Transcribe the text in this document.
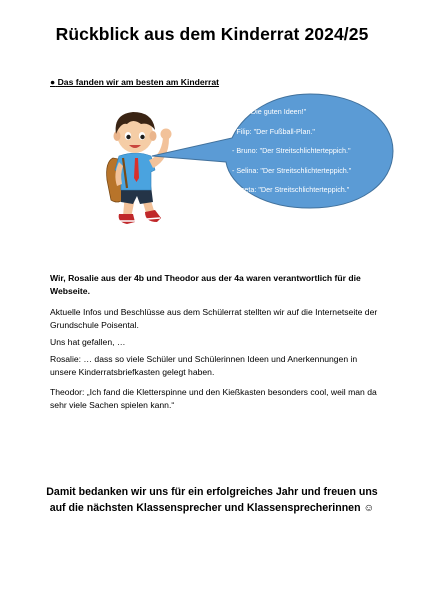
Rückblick aus dem Kinderrat 2024/25
● Das fanden wir am besten am Kinderrat
- 4a: "Die guten Ideen!"
- Filip: "Der Fußball-Plan."
- Bruno: "Der Streitschlichterteppich."
- Selina: "Der Streitschlichterteppich."
- Greta: "Der Streitschlichterteppich."

Wir, Rosalie aus der 4b und Theodor aus der 4a waren verantwortlich für die Webseite.

Aktuelle Infos und Beschlüsse aus dem Schülerrat stellten wir auf die Internetseite der Grundschule Poisental.

Uns hat gefallen, …

Rosalie: … dass so viele Schüler und Schülerinnen Ideen und Anerkennungen in unsere Kinderratsbriefkasten gelegt haben.

Theodor: „Ich fand die Kletterspinne und den Kießkasten besonders cool, weil man da sehr viele Sachen spielen kann.“

Damit bedanken wir uns für ein erfolgreiches Jahr und freuen uns auf die nächsten Klassensprecher und Klassensprecherinnen ☺
